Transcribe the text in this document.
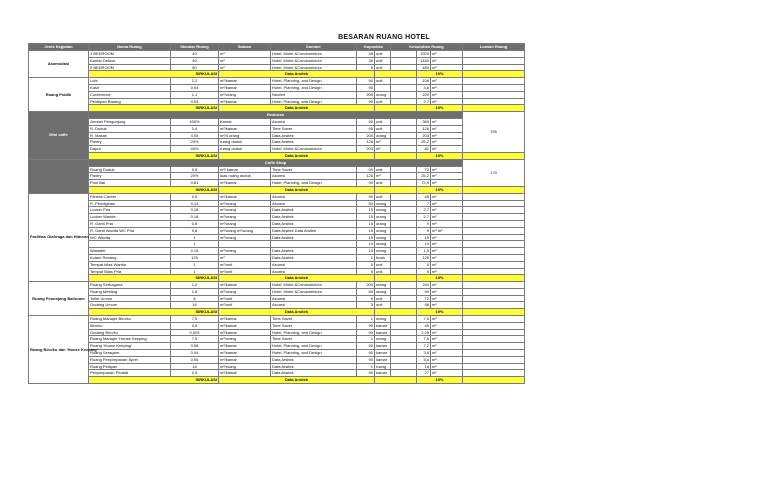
BESARAN RUANG HOTEL
Jenis Kegiatan	Nama Ruang	Standar Ruang	Satuan	Sumber	Kapasitas		Kebutuhan Ruang			Luasan Ruang	
Akomodasi	1 BEDROOM	40	m²	Hotel, Motel &Condominium	48	unit		1920	m²		
	Kamar Deluxe	40	m²	Hotel, Motel &Condominium	36	unit		1440	m²		
	2 BEDROOM	80	m²	Hotel, Motel &Condominium	6	unit		480	m²		
	SIRKULASI		Data Arsitek					10%		
Ruang Publik	Lobi	1,2	m²/kamar	Hotel, Planning, and Design	90	unit		108	m²		
	Kasir	0,04	m²/kamar	Hotel, Planning, and Design	90			3,6	m²		
	Conference	1,1	m²/orang	Neufert	200	orang		220	m²		
	Penitipan Barang	0,03	m²/kamar	Hotel, Planning, and Design	90	unit		2,7	m²		
	SIRKULASI		Data Arsitek					10%		
Mini caffe	Restoran									795	
	Jumlah Pengunjung	400%	Kamar	Asumsi	90	unit		360	m²		
	R. Duduk	1,4	m²/kamar	Time Saver	90	unit		126	m²		
	R. Makan	4,05	m²/4 orang	Data Arsitek	200	orang		203	m²		
	Pantry	20%	ruang duduk	Data Arsitek	126	m²		25,2	m²		
	Dapur	40%	ruang duduk	Hotel, Motel &Condominium	203	m²		81	m²		
	SIRKULASI		Data Arsitek					10%		
	Coffe Shop									170	
	Ruang Duduk	0,8	m²/ kamar	Time Saver	90	unit		72	m²		
	Pantry	20%	luas ruang duduk	Asumsi	126	m²		25,2	m²		
	Pool Bar	0,81	m²/kamar	Hotel, Planning, and Design	90	unit		72,9	m²		
	SIRKULASI		Data Arsitek					10%		
Fasilitas Olahraga dan Hiburan	Fitness Center	0,5	m²/kamar	Asumsi	90	unit		45	m²		
	R. Pendiginan	0,14	m²/orang	Asumsi	50	orang		7	m²		
	Locker Pria	0,18	m²/orang	Data Arsitek	15	orang		2,7	m²		
	Locker Wanita	0,18	m²/orang	Data Arsitek	15	orang		2,7	m²		
	R. Ganti Pria	0,6	m²/orang	Data Arsitek	15	orang		9	m²		
	R. Ganti Wanita WC Pria	0,6	m²/orang m²/orang	Data Arsitek Data Arsitek	15	orang		9	m² m²		
	WC Wanita	1	m²/orang	Data Arsitek	15	orang		15	m²		
		1			15	orang		15	m²		
	Wastafel	0,15	m²/orang	Data Arsitek	10	orang		1,5	m²		
	Kolam Renang	125	m²	Data Arsitek	1	buah		125	m²		
	Tempat bilas Wanita	1	m²/unit	Asumsi	5	unit		5	m²		
	Tempat Bilas Pria	1	m²/unit	Asumsi	5	unit		5	m²		
	SIRKULASI		Data Arsitek					10%		
Ruang Penunjang Ballroom	Ruang Serbaguna	1,2	m²/kamar	Hotel, Motel &Condominium	200	orang		240	m²		
	Ruang Meeting	1,8	m²/orang	Hotel, Motel &Condominium	50	orang		90	m²		
	Toilet Umum	8	m²/unit	Asumsi	9	unit		72	m²		
	Gudang Umum	16	m²/unit	Asumsi	3	unit		48	m²		
	SIRKULASI		Data Arsitek					10%		
Ruang Biro/ku dan 'House Keeping'	Ruang Manajer Biro/ku	7,5	m²/kamar	Time Saver	1	orang		7,5	m²		
	Biro/ku	0,5	m²/kamar	Time Saver	90	kamar		45	m²		
	Gudang Biro/ku	0,025	m²/kamar	Hotel, Planning, and Design	90	kamar		2,25	m²		
	Ruang Manajer 'House Keeping'	7,5	m²/orang	Time Saver	1	orang		7,5	m²		
	Ruang 'House Keeping'	0,08	m²/kamar	Hotel, Planning, and Design	90	kamar		7,2	m²		
	Ruang Seragam	0,04	m²/kamar	Hotel, Planning, and Design	90	kamar		3,6	m²		
	Ruang Penyimpanan Sprei	0,06	m²/kamar	Data Arsitek	90	kamar		5,4	m²		
	Ruang Pelayan	16	m²/ruang	Data Arsitek	1	ruang		16	m²		
	Penyimpanan Peralat	0,3	m²/kamar	Data Arsitek	90	kamar		27	m²		
	SIRKULASI		Data Arsitek					10%		
